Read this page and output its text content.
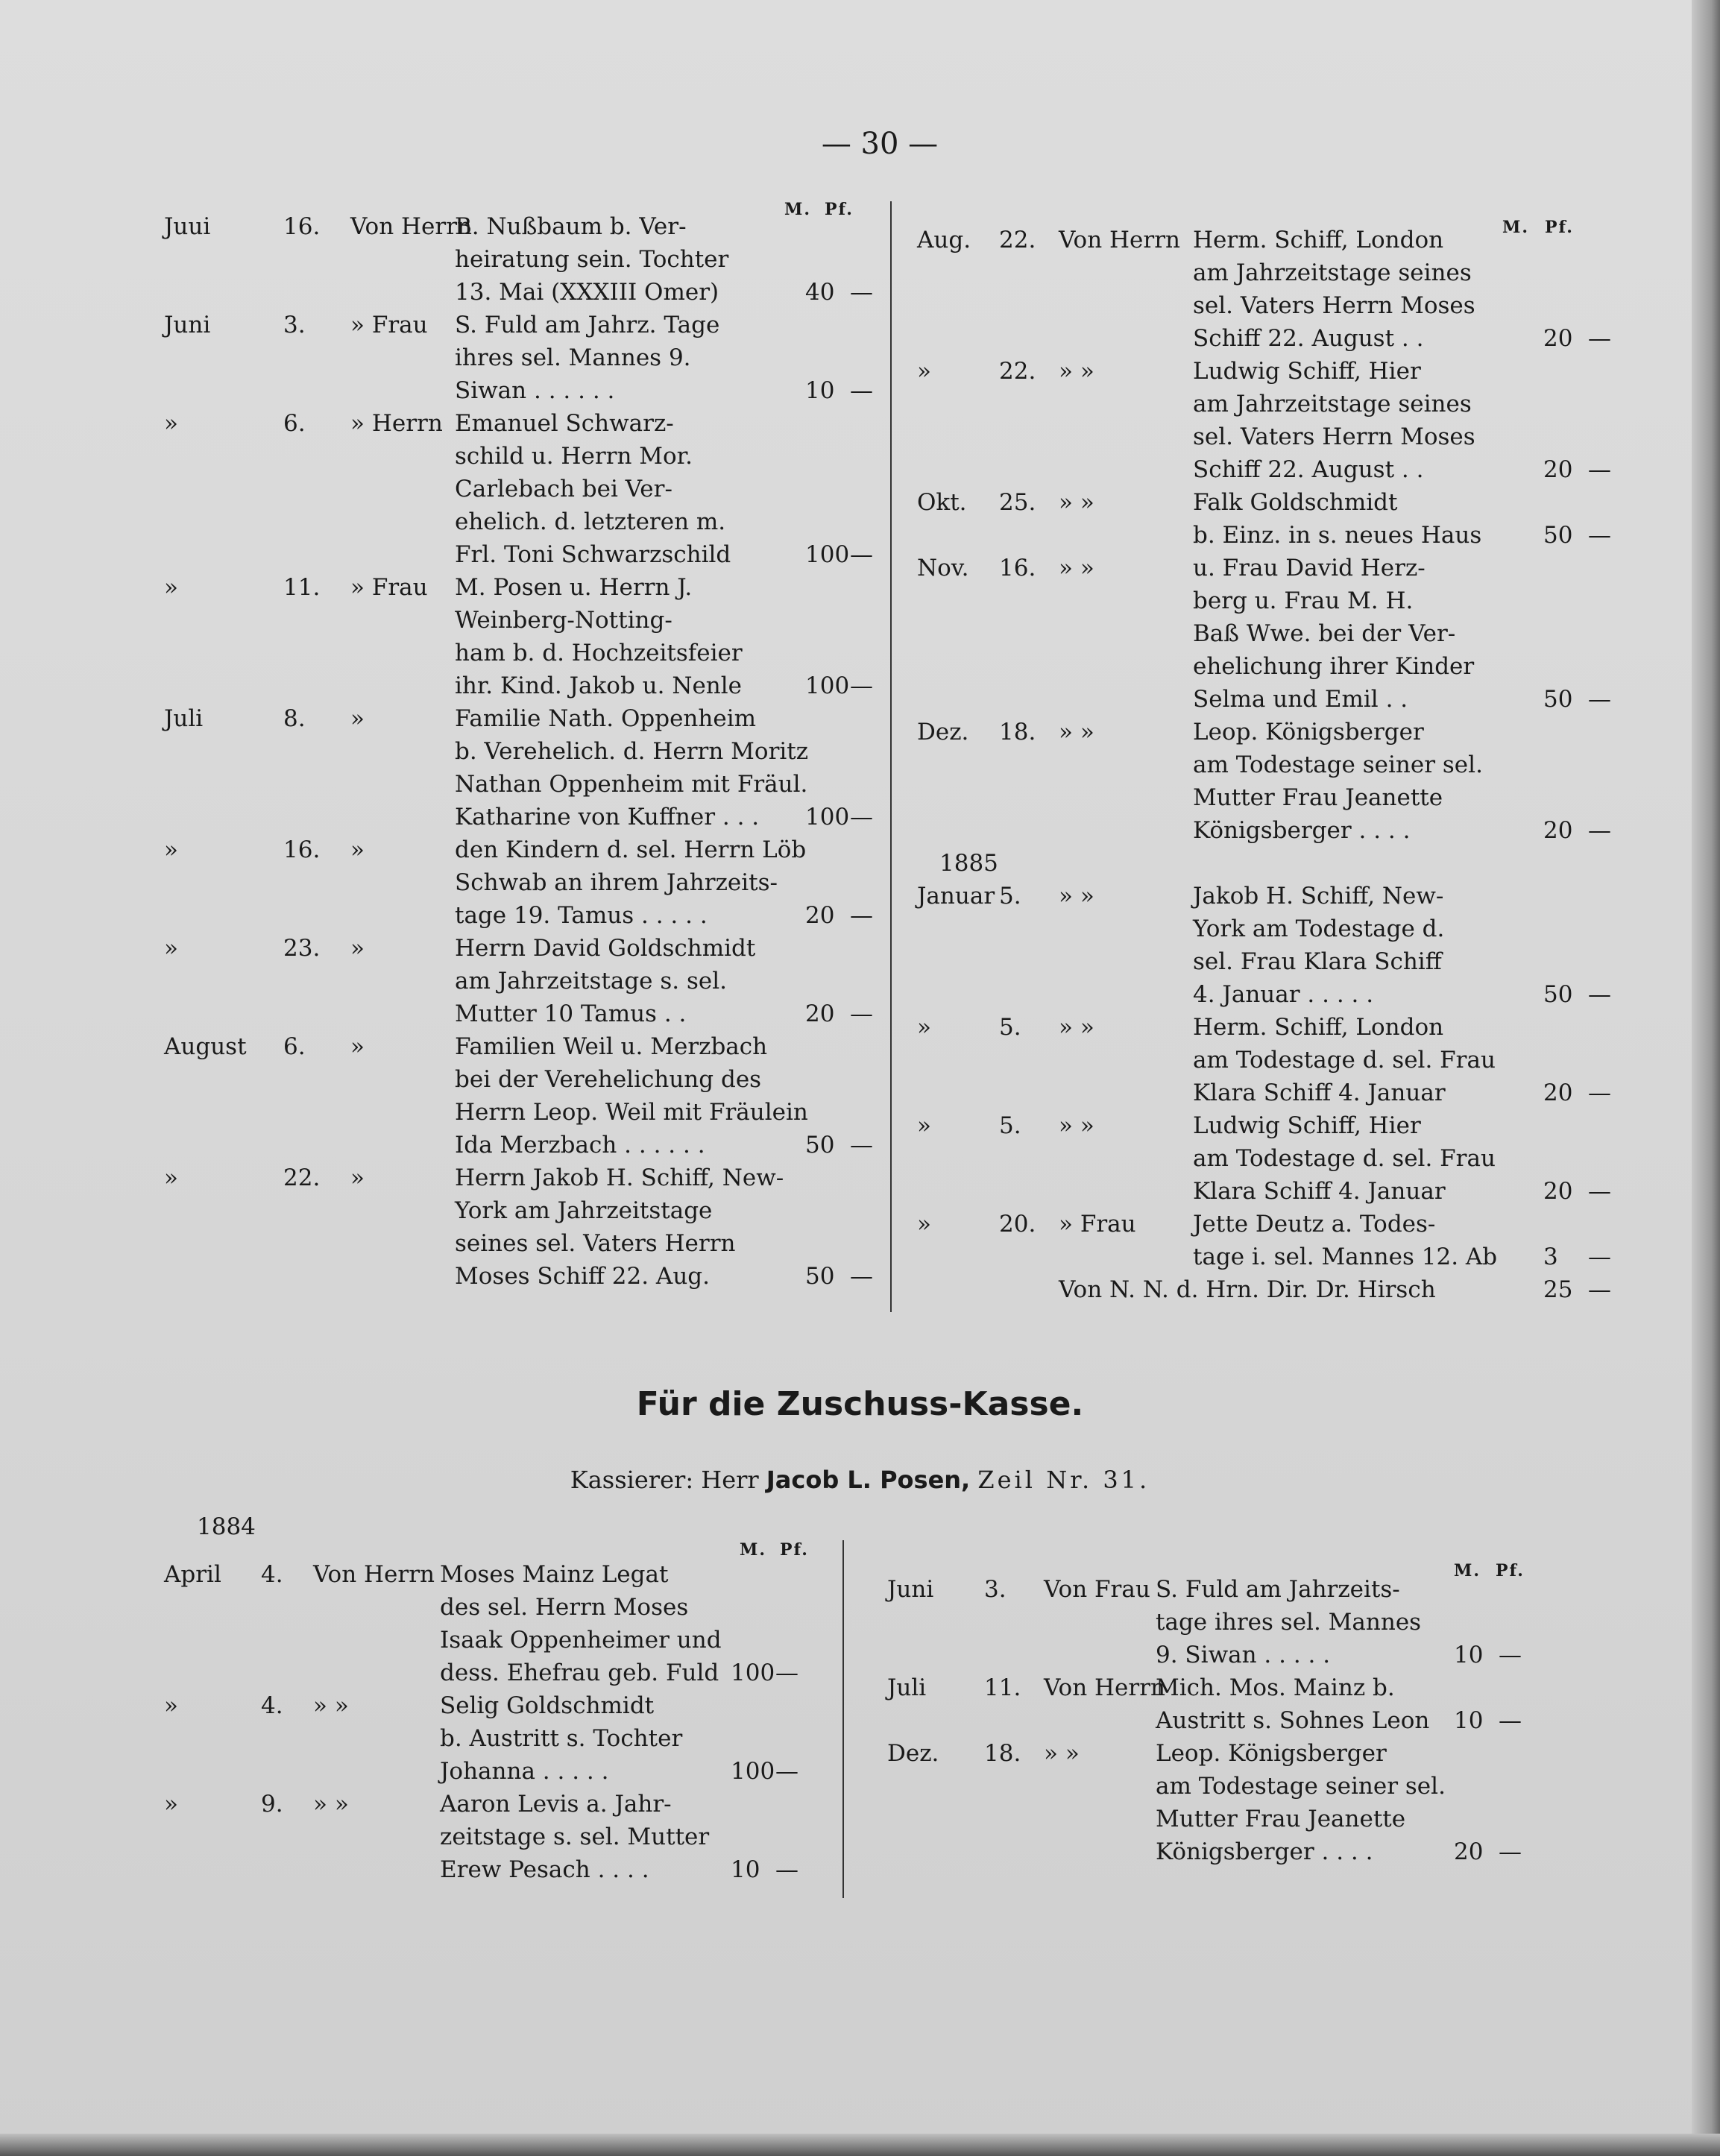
— 30 —
M. Pf.
Juui	16. Von Herrn
B. Nußbaum b. Ver-
heiratung sein. Tochter
13. Mai (XXXIII Omer)	40 —
Juni	3. » Frau S. Fuld am Jahrz. Tage
ihres sel. Mannes 9.
Siwan . . . . . .	10 —
»	6. » Herrn Emanuel Schwarz-
schild u. Herrn Mor.
Carlebach bei Ver-
ehelich. d. letzteren m.
Frl. Toni Schwarzschild	100 —
»	11. » Frau M. Posen u. Herrn J.
Weinberg-Notting-
ham b. d. Hochzeitsfeier
ihr. Kind. Jakob u. Nenle	100 —
Juli	8. »	Familie Nath. Oppenheim
b. Verehelich. d. Herrn Moritz
Nathan Oppenheim mit Fräul.
Katharine von Kuffner . . . 100 —
»	16. »	den Kindern d. sel. Herrn Löb
Schwab an ihrem Jahrzeits-
tage 19. Tamus . . . . .	20 —
»	23. »	Herrn David Goldschmidt
am Jahrzeitstage s. sel.
Mutter 10 Tamus . .	20 —
August 6. »	Familien Weil u. Merzbach
bei der Verehelichung des
Herrn Leop. Weil mit Fräulein
Ida Merzbach . . . . . .	50 —
»	22. »	Herrn Jakob H. Schiff, New-
York am Jahrzeitstage
seines sel. Vaters Herrn
Moses Schiff 22. Aug.	50 —
M. Pf.
Aug. 22. Von Herrn Herm. Schiff, London
am Jahrzeitstage seines
sel. Vaters Herrn Moses
Schiff 22. August . .	20 —
»	22. » »	Ludwig Schiff, Hier
am Jahrzeitstage seines
sel. Vaters Herrn Moses
Schiff 22. August . .	20 —
Okt. 25. » »	Falk Goldschmidt
b. Einz. in s. neues Haus	50 —
Nov. 16. » »	u. Frau David Herz-
berg u. Frau M. H.
Baß Wwe. bei der Ver-
ehelichung ihrer Kinder
Selma und Emil . .	50 —
Dez. 18. » »	Leop. Königsberger
am Todestage seiner sel.
Mutter Frau Jeanette
Königsberger . . . .	20 —
1885
Januar 5. » »	Jakob H. Schiff, New-
York am Todestage d.
sel. Frau Klara Schiff
4. Januar . . . . .	50 —
»	5. » »	Herm. Schiff, London
am Todestage d. sel. Frau
Klara Schiff 4. Januar	20 —
»	5. » »	Ludwig Schiff, Hier
am Todestage d. sel. Frau
Klara Schiff 4. Januar	20 —
»	20. » Frau Jette Deutz a. Todes-
tage i. sel. Mannes 12. Ab 3 —
Von N. N. d. Hrn. Dir. Dr. Hirsch	25 —
Für die Zuschuss-Kasse.
Kassierer: Herr Jacob L. Posen, Zeil Nr. 31.
1884
M. Pf.
April 4. Von Herrn Moses Mainz Legat
des sel. Herrn Moses
Isaak Oppenheimer und
dess. Ehefrau geb. Fuld 100 —
»	4. » »	Selig Goldschmidt
b. Austritt s. Tochter
Johanna . . . . .	100 —
»	9. » »	Aaron Levis a. Jahr-
zeitstage s. sel. Mutter
Erew Pesach . . . .	10 —
M. Pf.
Juni 3. Von Frau S. Fuld am Jahrzeits-
tage ihres sel. Mannes
9. Siwan . . . . .	10 —
Juli	11. Von Herrn
Mich. Mos. Mainz b.
Austritt s. Sohnes Leon 10 —
Dez. 18. » »	Leop. Königsberger
am Todestage seiner sel.
Mutter Frau Jeanette
Königsberger . . . .	20 —
